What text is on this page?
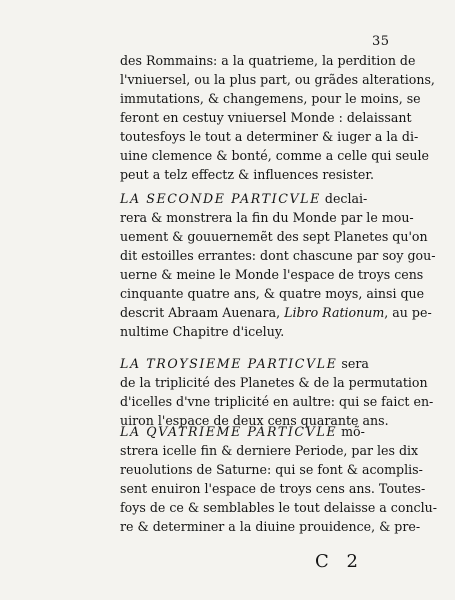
35
des Rommains: a la quatrieme, la perdition de
l'vniuersel, ou la plus part, ou grãdes alterations,
immutations, & changemens, pour le moins, se
feront en cestuy vniuersel Monde : delaissant
toutesfoys le tout a determiner & iuger a la di-
uine clemence & bonté, comme a celle qui seule
peut a telz effectz & influences resister.
LA SECONDE PARTICVLE declai-
rera & monstrera la fin du Monde par le mou-
uement & gouuernemẽt des sept Planetes qu'on
dit estoilles errantes: dont chascune par soy gou-
uerne & meine le Monde l'espace de troys cens
cinquante quatre ans, & quatre moys, ainsi que
descrit Abraam Auenara, Libro Rationum, au pe-
nultime Chapitre d'iceluy.
LA TROYSIEME PARTICVLE sera
de la triplicité des Planetes & de la permutation
d'icelles d'vne triplicité en aultre: qui se faict en-
uiron l'espace de deux cens quarante ans.
LA QVATRIEME PARTICVLE mõ-
strera icelle fin & derniere Periode, par les dix
reuolutions de Saturne: qui se font & acomplis-
sent enuiron l'espace de troys cens ans. Toutes-
foys de ce & semblables le tout delaisse a conclu-
re & determiner a la diuine prouidence, & pre-
C 2
